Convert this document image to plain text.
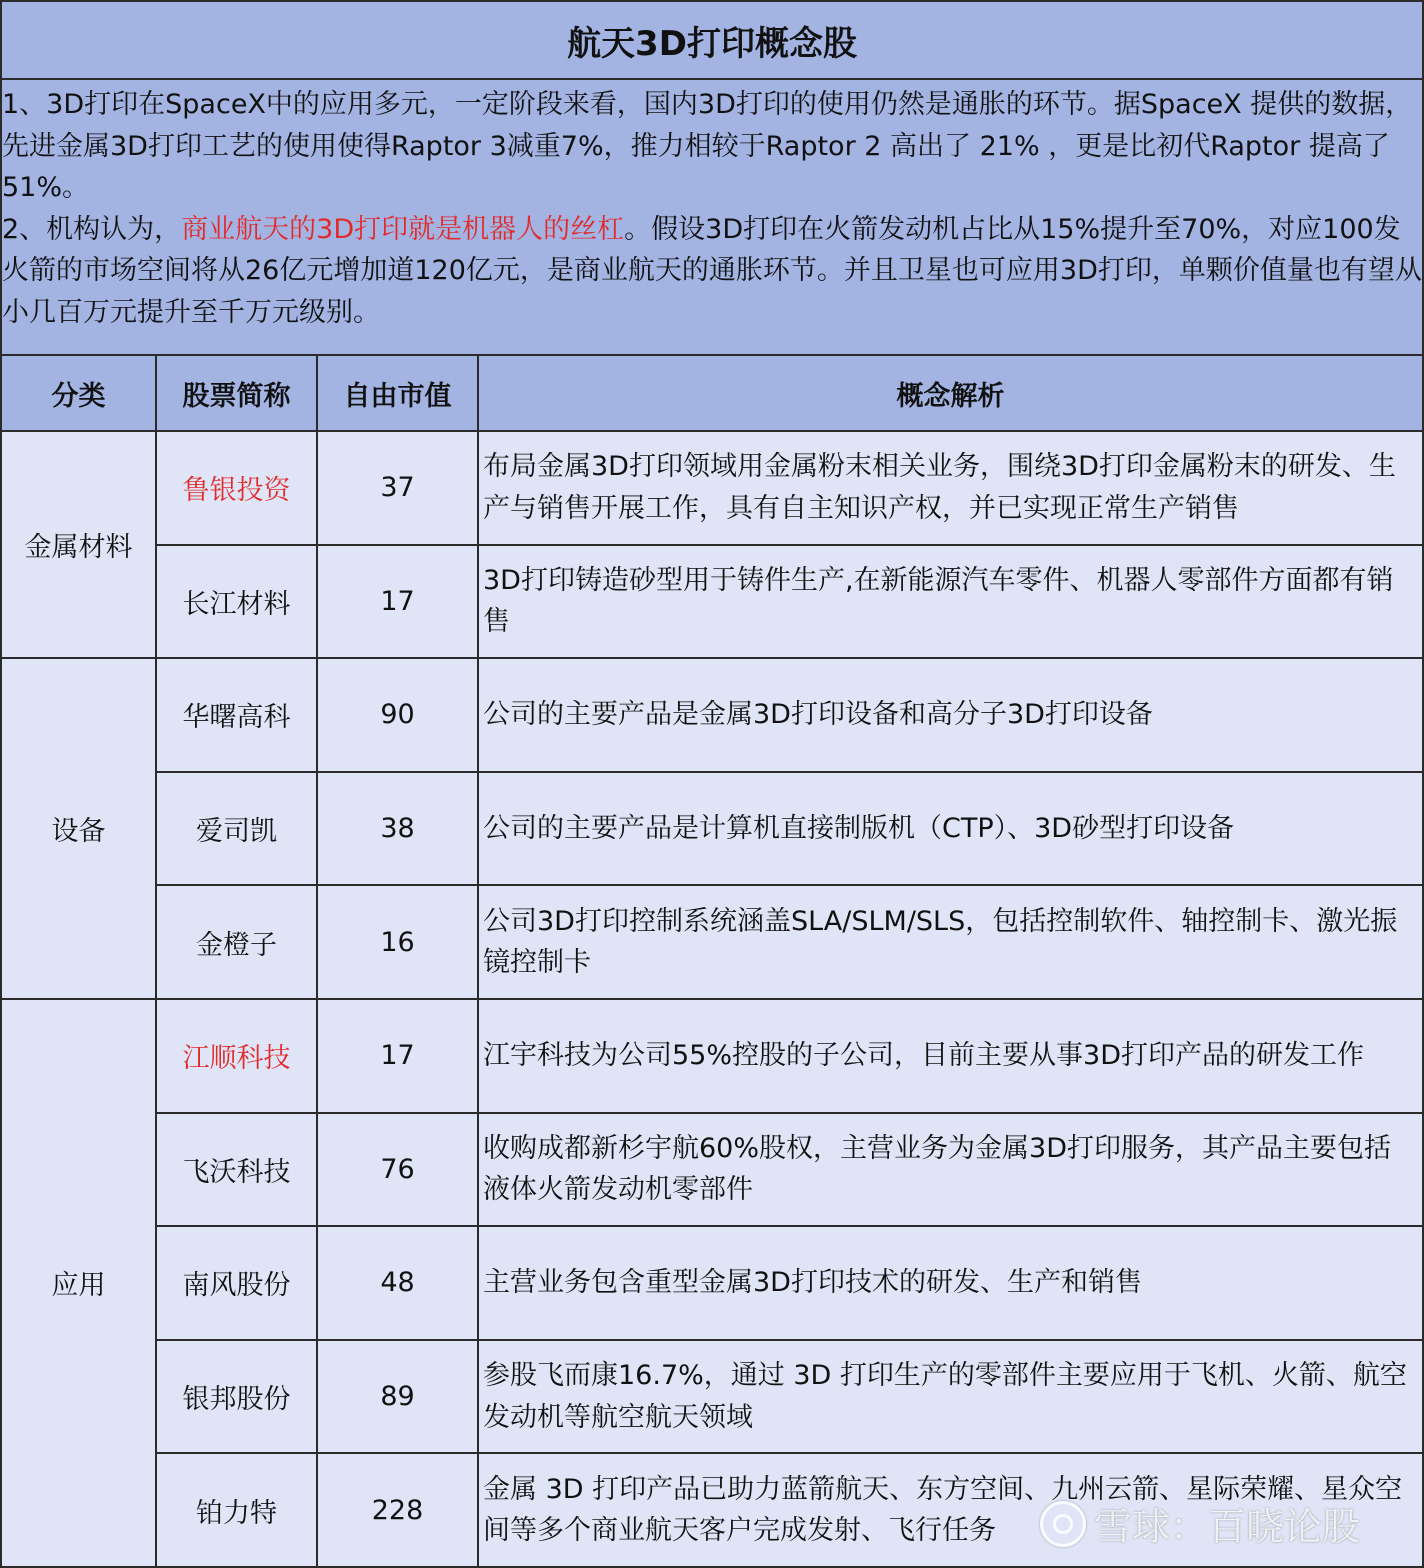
航天3D打印概念股			

1、3D打印在SpaceX中的应用多元，一定阶段来看，国内3D打印的使用仍然是通胀的环节。据SpaceX 提供的数据，先进金属3D打印工艺的使用使得Raptor 3减重7%，推力相较于Raptor 2 高出了 21% ，更是比初代Raptor 提高了51%。

2、机构认为，商业航天的3D打印就是机器人的丝杠。假设3D打印在火箭发动机占比从15%提升至70%，对应100发火箭的市场空间将从26亿元增加道120亿元，是商业航天的通胀环节。并且卫星也可应用3D打印，单颗价值量也有望从小几百万元提升至千万元级别。			

分类	股票简称	自由市值	概念解析
金属材料	鲁银投资	37	布局金属3D打印领域用金属粉末相关业务，围绕3D打印金属粉末的研发、生产与销售开展工作，具有自主知识产权，并已实现正常生产销售
	长江材料	17	3D打印铸造砂型用于铸件生产,在新能源汽车零件、机器人零部件方面都有销售
设备	华曙高科	90	公司的主要产品是金属3D打印设备和高分子3D打印设备
	爱司凯	38	公司的主要产品是计算机直接制版机（CTP）、3D砂型打印设备
	金橙子	16	公司3D打印控制系统涵盖SLA/SLM/SLS，包括控制软件、轴控制卡、激光振镜控制卡
应用	江顺科技	17	江宇科技为公司55%控股的子公司，目前主要从事3D打印产品的研发工作
	飞沃科技	76	收购成都新杉宇航60%股权，主营业务为金属3D打印服务，其产品主要包括液体火箭发动机零部件
	南风股份	48	主营业务包含重型金属3D打印技术的研发、生产和销售
	银邦股份	89	参股飞而康16.7%，通过 3D 打印生产的零部件主要应用于飞机、火箭、航空发动机等航空航天领域
	铂力特	228	金属 3D 打印产品已助力蓝箭航天、东方空间、九州云箭、星际荣耀、星众空间等多个商业航天客户完成发射、飞行任务	雪球：百晓论股
